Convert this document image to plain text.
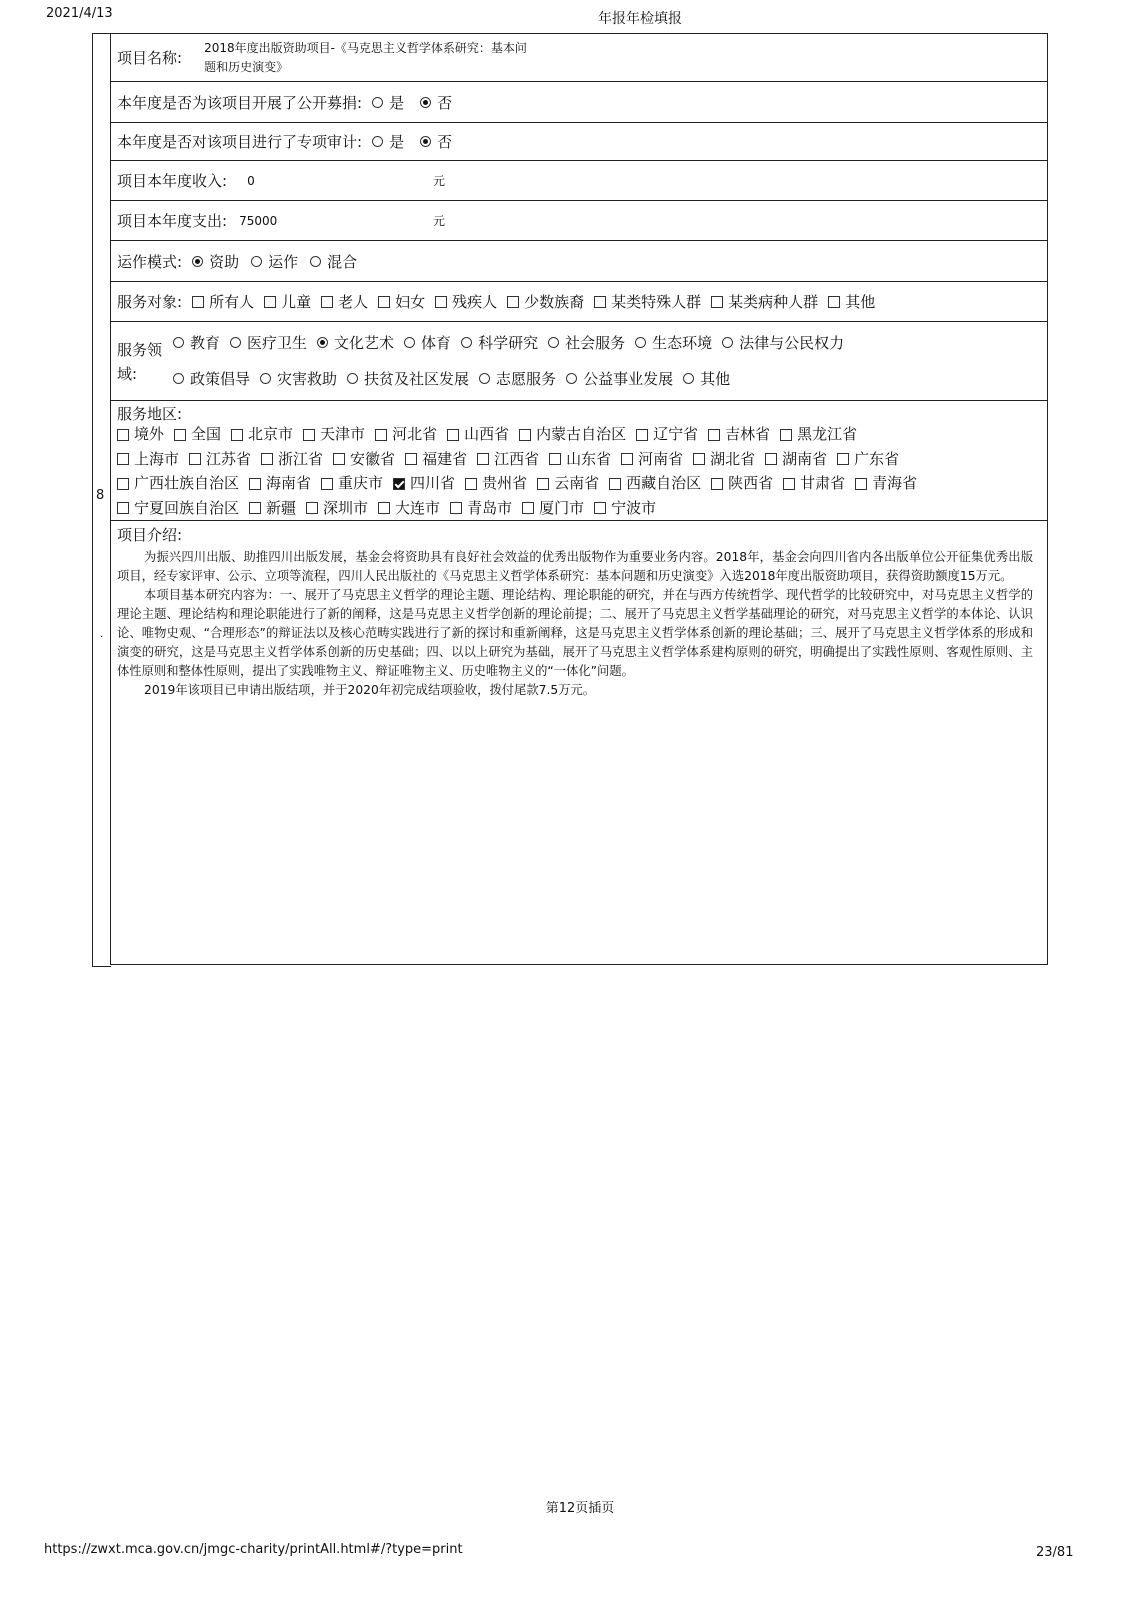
2021/4/13	年报年检填报
8
·
项目名称:
2018年度出版资助项目-《马克思主义哲学体系研究：基本问
题和历史演变》
本年度是否为该项目开展了公开募捐: 是 否
本年度是否对该项目进行了专项审计: 是 否
项目本年度收入: 0	元
项目本年度支出: 75000	元
运作模式: 资助 运作 混合
服务对象: 所有人 儿童 老人 妇女 残疾人 少数族裔 某类特殊人群 某类病种人群 其他
服务领
域:
教育 医疗卫生 文化艺术 体育 科学研究 社会服务 生态环境 法律与公民权力
政策倡导 灾害救助 扶贫及社区发展 志愿服务 公益事业发展 其他
服务地区:
境外 全国 北京市 天津市 河北省 山西省 内蒙古自治区 辽宁省 吉林省 黑龙江省
上海市 江苏省 浙江省 安徽省 福建省 江西省 山东省 河南省 湖北省 湖南省 广东省
广西壮族自治区 海南省 重庆市 四川省 贵州省 云南省 西藏自治区 陕西省 甘肃省 青海省
宁夏回族自治区 新疆 深圳市 大连市 青岛市 厦门市 宁波市
项目介绍:

为振兴四川出版、助推四川出版发展，基金会将资助具有良好社会效益的优秀出版物作为重要业务内容。2018年，基金会向四川省内各出版单位公开征集优秀出版项目，经专家评审、公示、立项等流程，四川人民出版社的《马克思主义哲学体系研究：基本问题和历史演变》入选2018年度出版资助项目，获得资助额度15万元。

本项目基本研究内容为：一、展开了马克思主义哲学的理论主题、理论结构、理论职能的研究，并在与西方传统哲学、现代哲学的比较研究中，对马克思主义哲学的理论主题、理论结构和理论职能进行了新的阐释，这是马克思主义哲学创新的理论前提；二、展开了马克思主义哲学基础理论的研究，对马克思主义哲学的本体论、认识论、唯物史观、“合理形态”的辩证法以及核心范畴实践进行了新的探讨和重新阐释，这是马克思主义哲学体系创新的理论基础；三、展开了马克思主义哲学体系的形成和演变的研究，这是马克思主义哲学体系创新的历史基础；四、以以上研究为基础，展开了马克思主义哲学体系建构原则的研究，明确提出了实践性原则、客观性原则、主体性原则和整体性原则，提出了实践唯物主义、辩证唯物主义、历史唯物主义的“一体化”问题。

2019年该项目已申请出版结项，并于2020年初完成结项验收，拨付尾款7.5万元。

第12页插页
https://zwxt.mca.gov.cn/jmgc-charity/printAll.html#/?type=print	23/81
